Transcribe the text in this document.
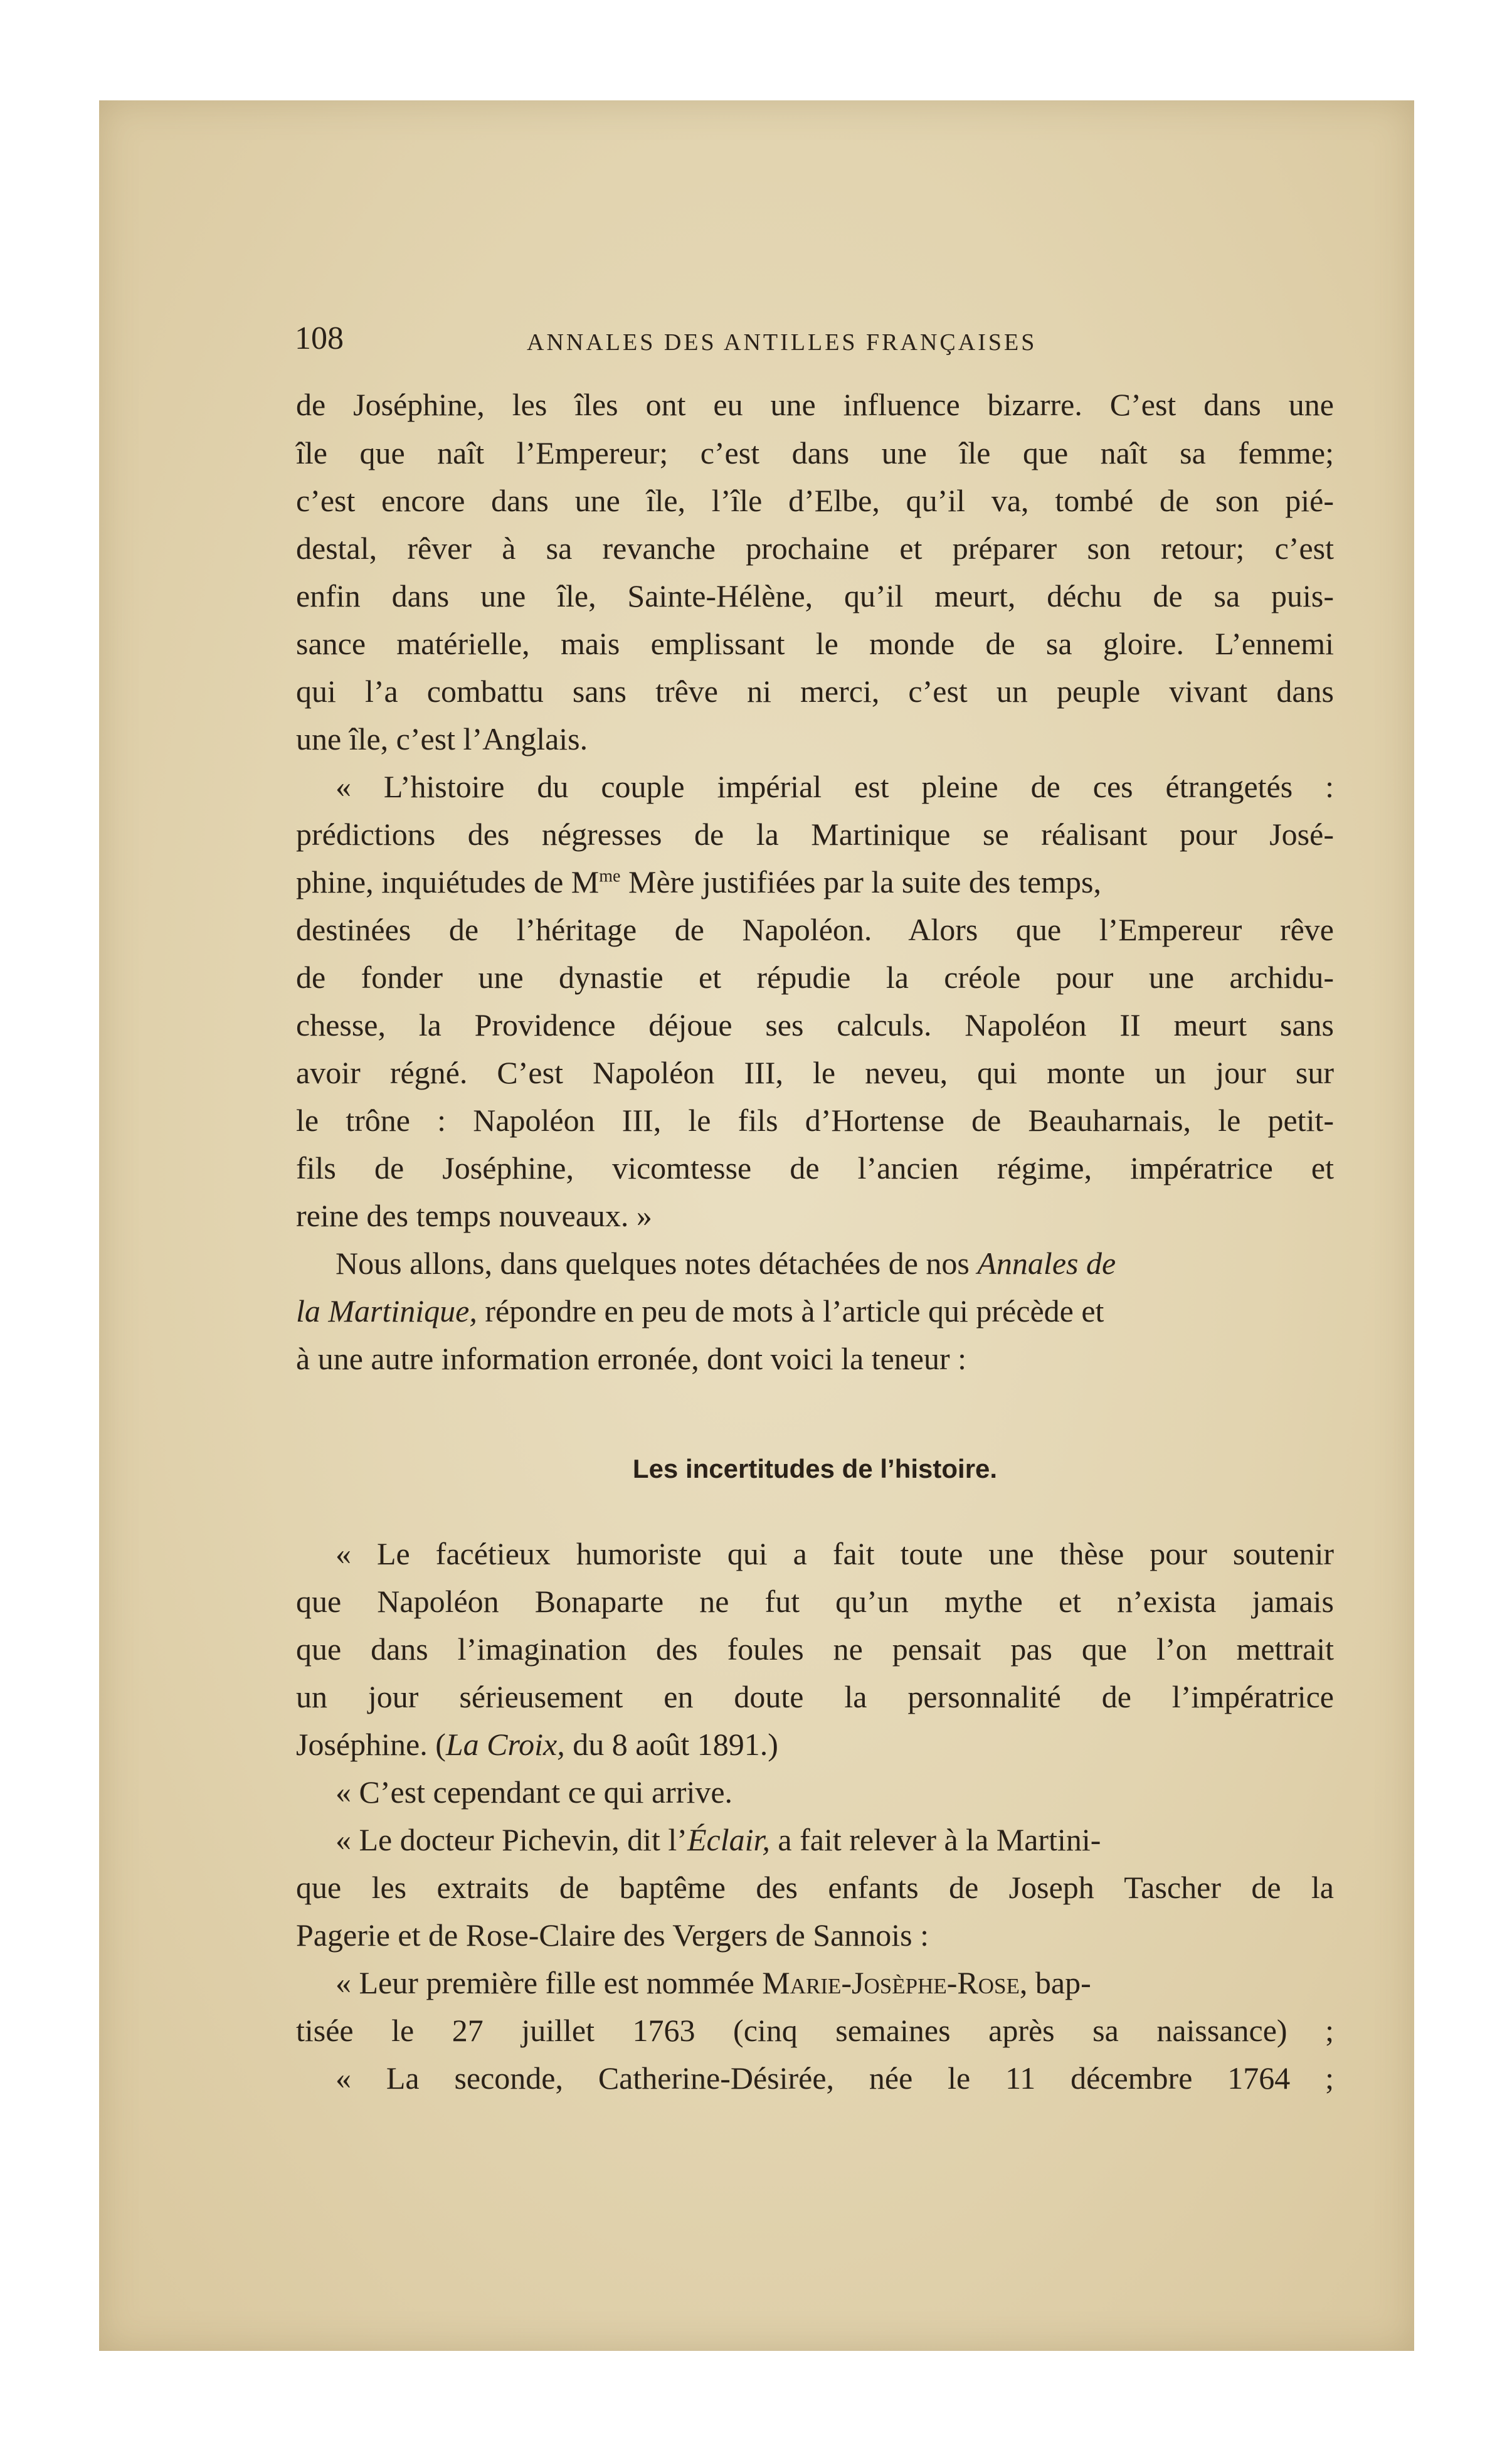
108	ANNALES DES ANTILLES FRANÇAISES
de Joséphine, les îles ont eu une influence bizarre. C’est dans une
île que naît l’Empereur; c’est dans une île que naît sa femme;
c’est encore dans une île, l’île d’Elbe, qu’il va, tombé de son pié-
destal, rêver à sa revanche prochaine et préparer son retour; c’est
enfin dans une île, Sainte-Hélène, qu’il meurt, déchu de sa puis-
sance matérielle, mais emplissant le monde de sa gloire. L’ennemi
qui l’a combattu sans trêve ni merci, c’est un peuple vivant dans
une île, c’est l’Anglais.
« L’histoire du couple impérial est pleine de ces étrangetés :
prédictions des négresses de la Martinique se réalisant pour José-
phine, inquiétudes de $M^{me}$ Mère justifiées par la suite des temps,
destinées de l’héritage de Napoléon. Alors que l’Empereur rêve
de fonder une dynastie et répudie la créole pour une archidu-
chesse, la Providence déjoue ses calculs. Napoléon II meurt sans
avoir régné. C’est Napoléon III, le neveu, qui monte un jour sur
le trône : Napoléon III, le fils d’Hortense de Beauharnais, le petit-
fils de Joséphine, vicomtesse de l’ancien régime, impératrice et
reine des temps nouveaux. »
Nous allons, dans quelques notes détachées de nos Annales de
la Martinique, répondre en peu de mots à l’article qui précède et
à une autre information erronée, dont voici la teneur :
Les incertitudes de l’histoire.
« Le facétieux humoriste qui a fait toute une thèse pour soutenir
que Napoléon Bonaparte ne fut qu’un mythe et n’exista jamais
que dans l’imagination des foules ne pensait pas que l’on mettrait
un jour sérieusement en doute la personnalité de l’impératrice
Joséphine. (La Croix, du 8 août 1891.)
« C’est cependant ce qui arrive.
« Le docteur Pichevin, dit l’Éclair, a fait relever à la Martini-
que les extraits de baptême des enfants de Joseph Tascher de la
Pagerie et de Rose-Claire des Vergers de Sannois :
« Leur première fille est nommée Marie-Josèphe-Rose, bap-
tisée le 27 juillet 1763 (cinq semaines après sa naissance) ;
« La seconde, Catherine-Désirée, née le 11 décembre 1764 ;
